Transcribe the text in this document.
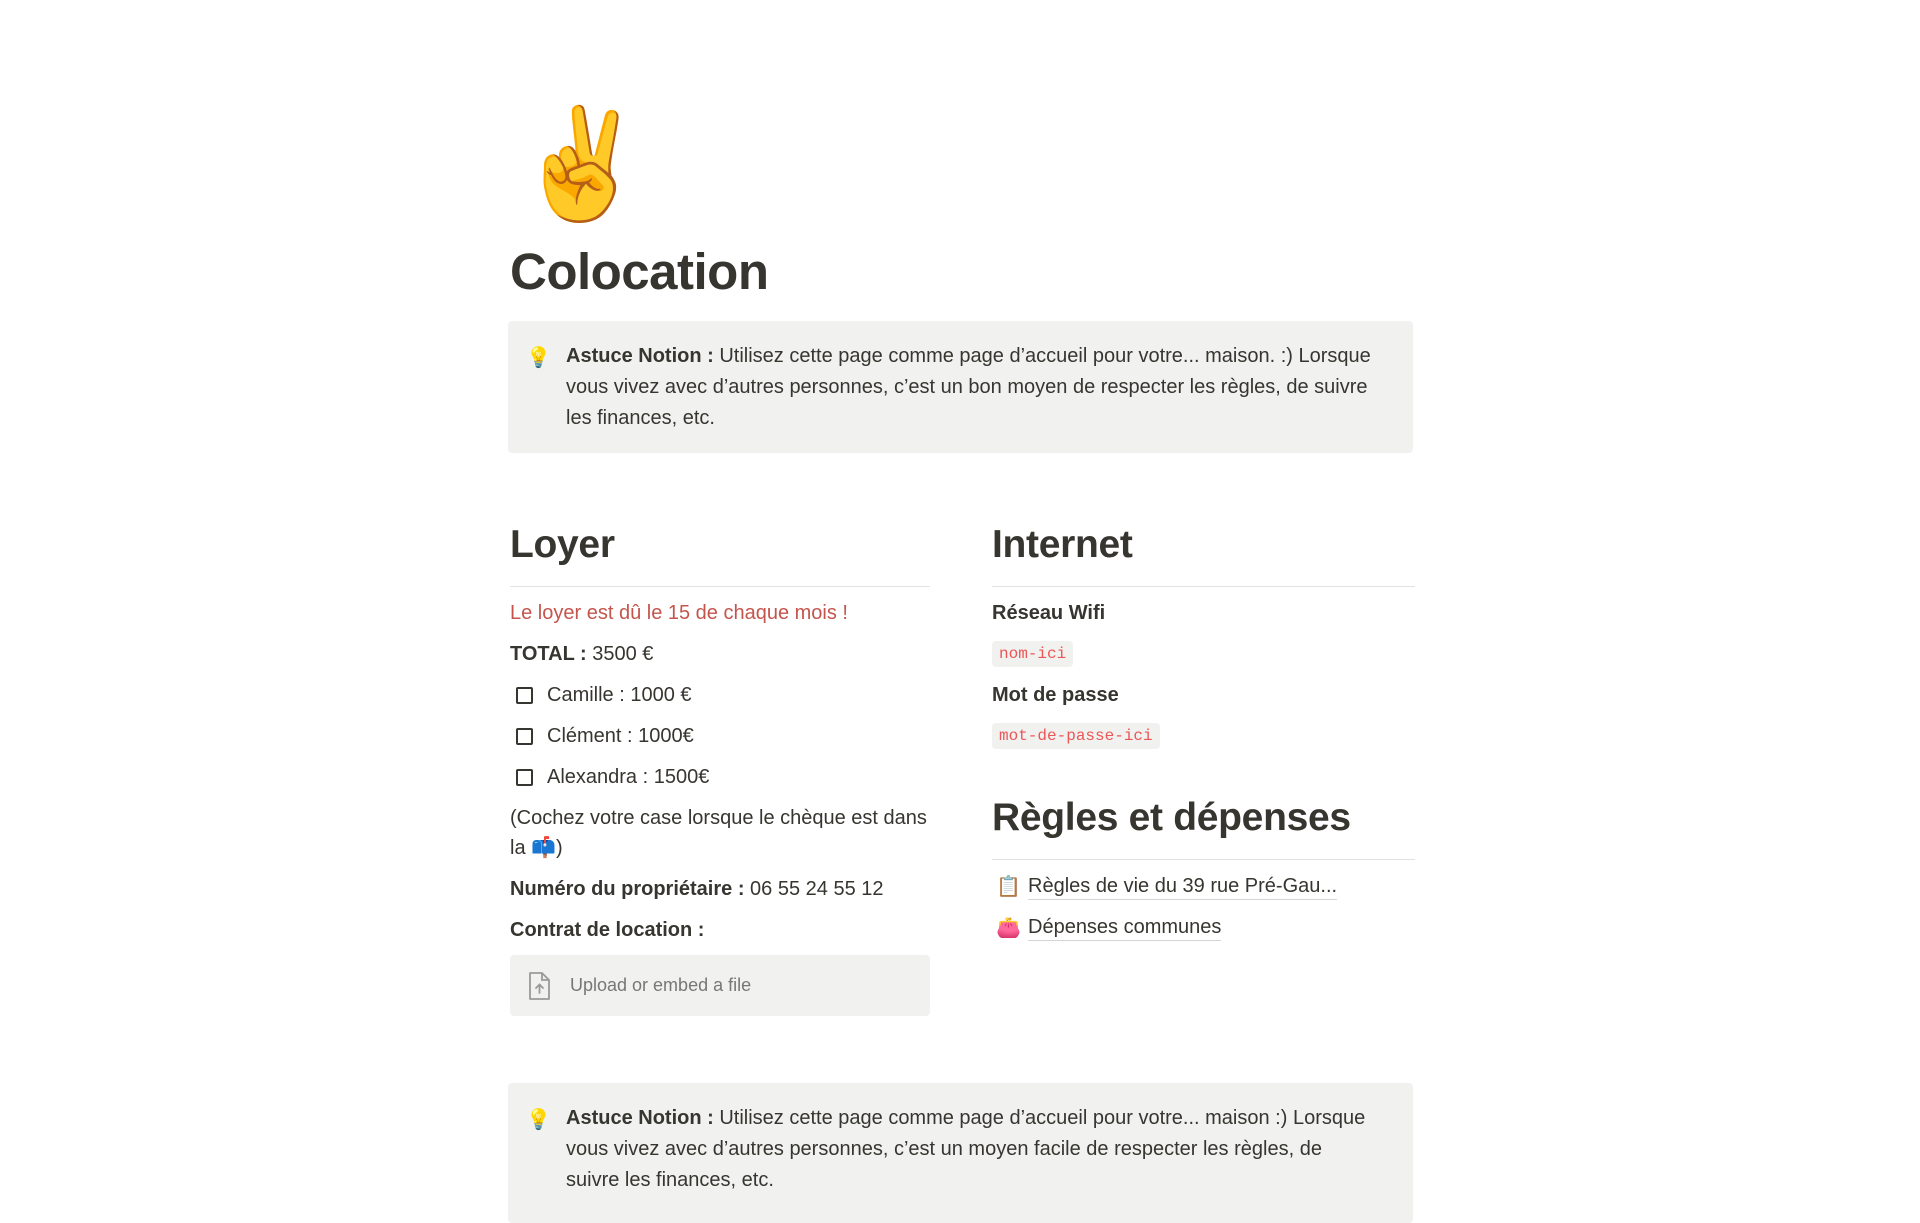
✌️
Colocation
💡 Astuce Notion : Utilisez cette page comme page d’accueil pour votre... maison. :) Lorsque vous vivez avec d’autres personnes, c’est un bon moyen de respecter les règles, de suivre les finances, etc.
Loyer
Le loyer est dû le 15 de chaque mois !
TOTAL : 3500 €
Camille : 1000 €
Clément : 1000€
Alexandra : 1500€
(Cochez votre case lorsque le chèque est dans la 📫)
Numéro du propriétaire : 06 55 24 55 12
Contrat de location :
Upload or embed a file
Internet
Réseau Wifi
nom-ici
Mot de passe
mot-de-passe-ici
Règles et dépenses
📋 Règles de vie du 39 rue Pré-Gau...
👛 Dépenses communes
💡 Astuce Notion : Utilisez cette page comme page d’accueil pour votre... maison :) Lorsque vous vivez avec d’autres personnes, c’est un moyen facile de respecter les règles, de suivre les finances, etc.
